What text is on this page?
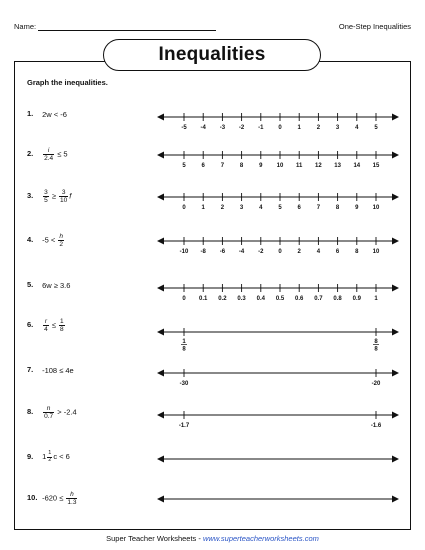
Name:	One-Step Inequalities
Inequalities
Graph the inequalities.
1. 2w < -6
2. $\frac{i}{2.4} \le 5$
3. $\frac{3}{5} \ge \frac{3}{10}$ f
4. $-5 < \frac{h}{2}$
5. 6w ≥ 3.6
6. $\frac{r}{4} \le \frac{1}{8}$
7. -108 ≤ 4e
8. $\frac{n}{0.7} > -2.4$
9. $1 \frac{1}{2}$ c < 6
10. $-620 \le \frac{h}{1.3}$
-5 -4 -3 -2 -1 0	1	2	3	4	5
5	6	7	8	9 10 11 12 13 14 15
0	1	2	3	4	5	6	7	8	9 10
-10 -8 -6 -4 -2 0	2	4	6	8 10
0 0.1 0.2 0.3 0.4 0.5 0.6 0.7 0.8 0.9 1
1
8
8
8
-30	-20
-1.7	-1.6
Super Teacher Worksheets - www.superteacherworksheets.com
